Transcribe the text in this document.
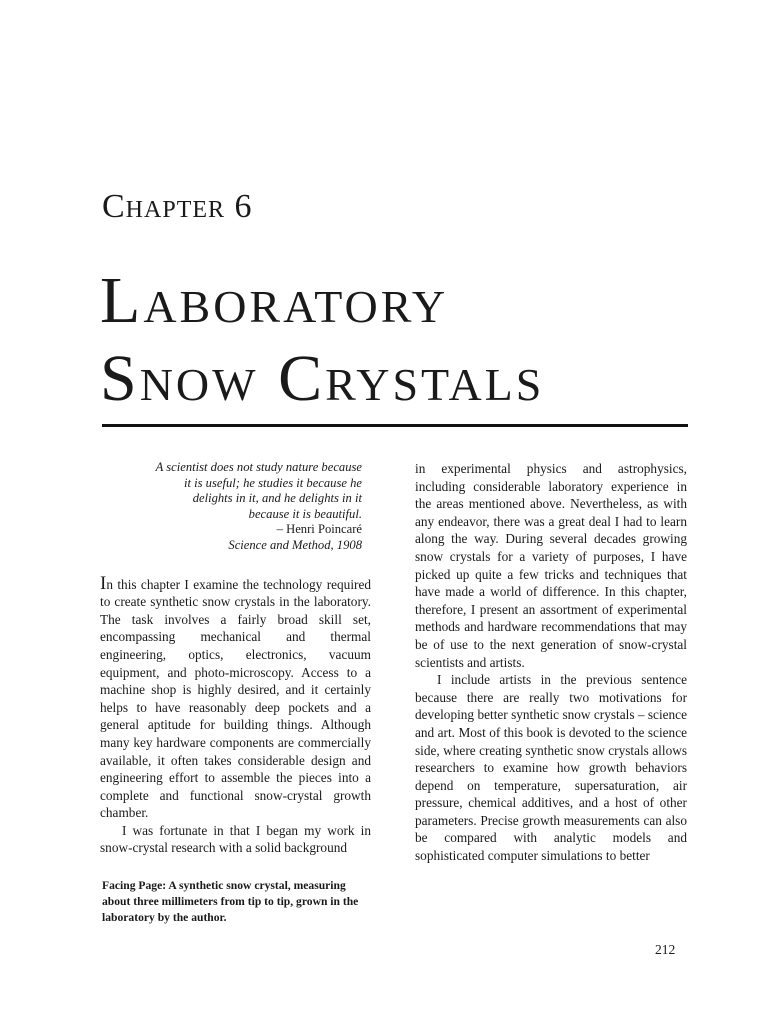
Chapter 6
Laboratory
Snow Crystals
A scientist does not study nature because
it is useful; he studies it because he
delights in it, and he delights in it
because it is beautiful.
– Henri Poincaré
Science and Method, 1908

In this chapter I examine the technology required to create synthetic snow crystals in the laboratory. The task involves a fairly broad skill set, encompassing mechanical and thermal engineering, optics, electronics, vacuum equipment, and photo-microscopy. Access to a machine shop is highly desired, and it certainly helps to have reasonably deep pockets and a general aptitude for building things. Although many key hardware components are commercially available, it often takes considerable design and engineering effort to assemble the pieces into a complete and functional snow-crystal growth chamber.

I was fortunate in that I began my work in snow-crystal research with a solid background

Facing Page: A synthetic snow crystal, measuring about three millimeters from tip to tip, grown in the laboratory by the author.

in experimental physics and astrophysics, including considerable laboratory experience in the areas mentioned above. Nevertheless, as with any endeavor, there was a great deal I had to learn along the way. During several decades growing snow crystals for a variety of purposes, I have picked up quite a few tricks and techniques that have made a world of difference. In this chapter, therefore, I present an assortment of experimental methods and hardware recommendations that may be of use to the next generation of snow-crystal scientists and artists.

I include artists in the previous sentence because there are really two motivations for developing better synthetic snow crystals – science and art. Most of this book is devoted to the science side, where creating synthetic snow crystals allows researchers to examine how growth behaviors depend on temperature, supersaturation, air pressure, chemical additives, and a host of other parameters. Precise growth measurements can also be compared with analytic models and sophisticated computer simulations to better

212
